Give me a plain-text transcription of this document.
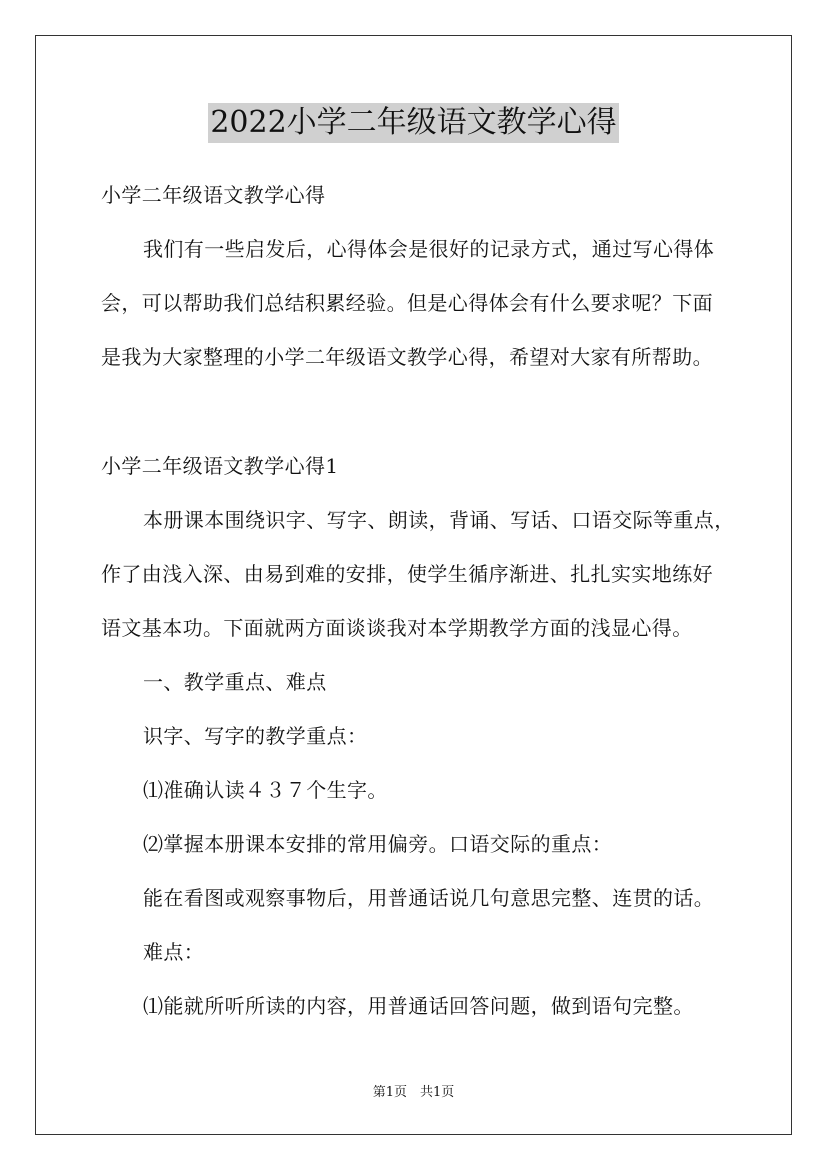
2022小学二年级语文教学心得
小学二年级语文教学心得
我们有一些启发后，心得体会是很好的记录方式，通过写心得体
会，可以帮助我们总结积累经验。但是心得体会有什么要求呢？下面
是我为大家整理的小学二年级语文教学心得，希望对大家有所帮助。
小学二年级语文教学心得1
本册课本围绕识字、写字、朗读，背诵、写话、口语交际等重点，
作了由浅入深、由易到难的安排，使学生循序渐进、扎扎实实地练好
语文基本功。下面就两方面谈谈我对本学期教学方面的浅显心得。
一、教学重点、难点
识字、写字的教学重点：
⑴准确认读４３７个生字。
⑵掌握本册课本安排的常用偏旁。口语交际的重点：
能在看图或观察事物后，用普通话说几句意思完整、连贯的话。
难点：
⑴能就所听所读的内容，用普通话回答问题，做到语句完整。
第1页　共1页
